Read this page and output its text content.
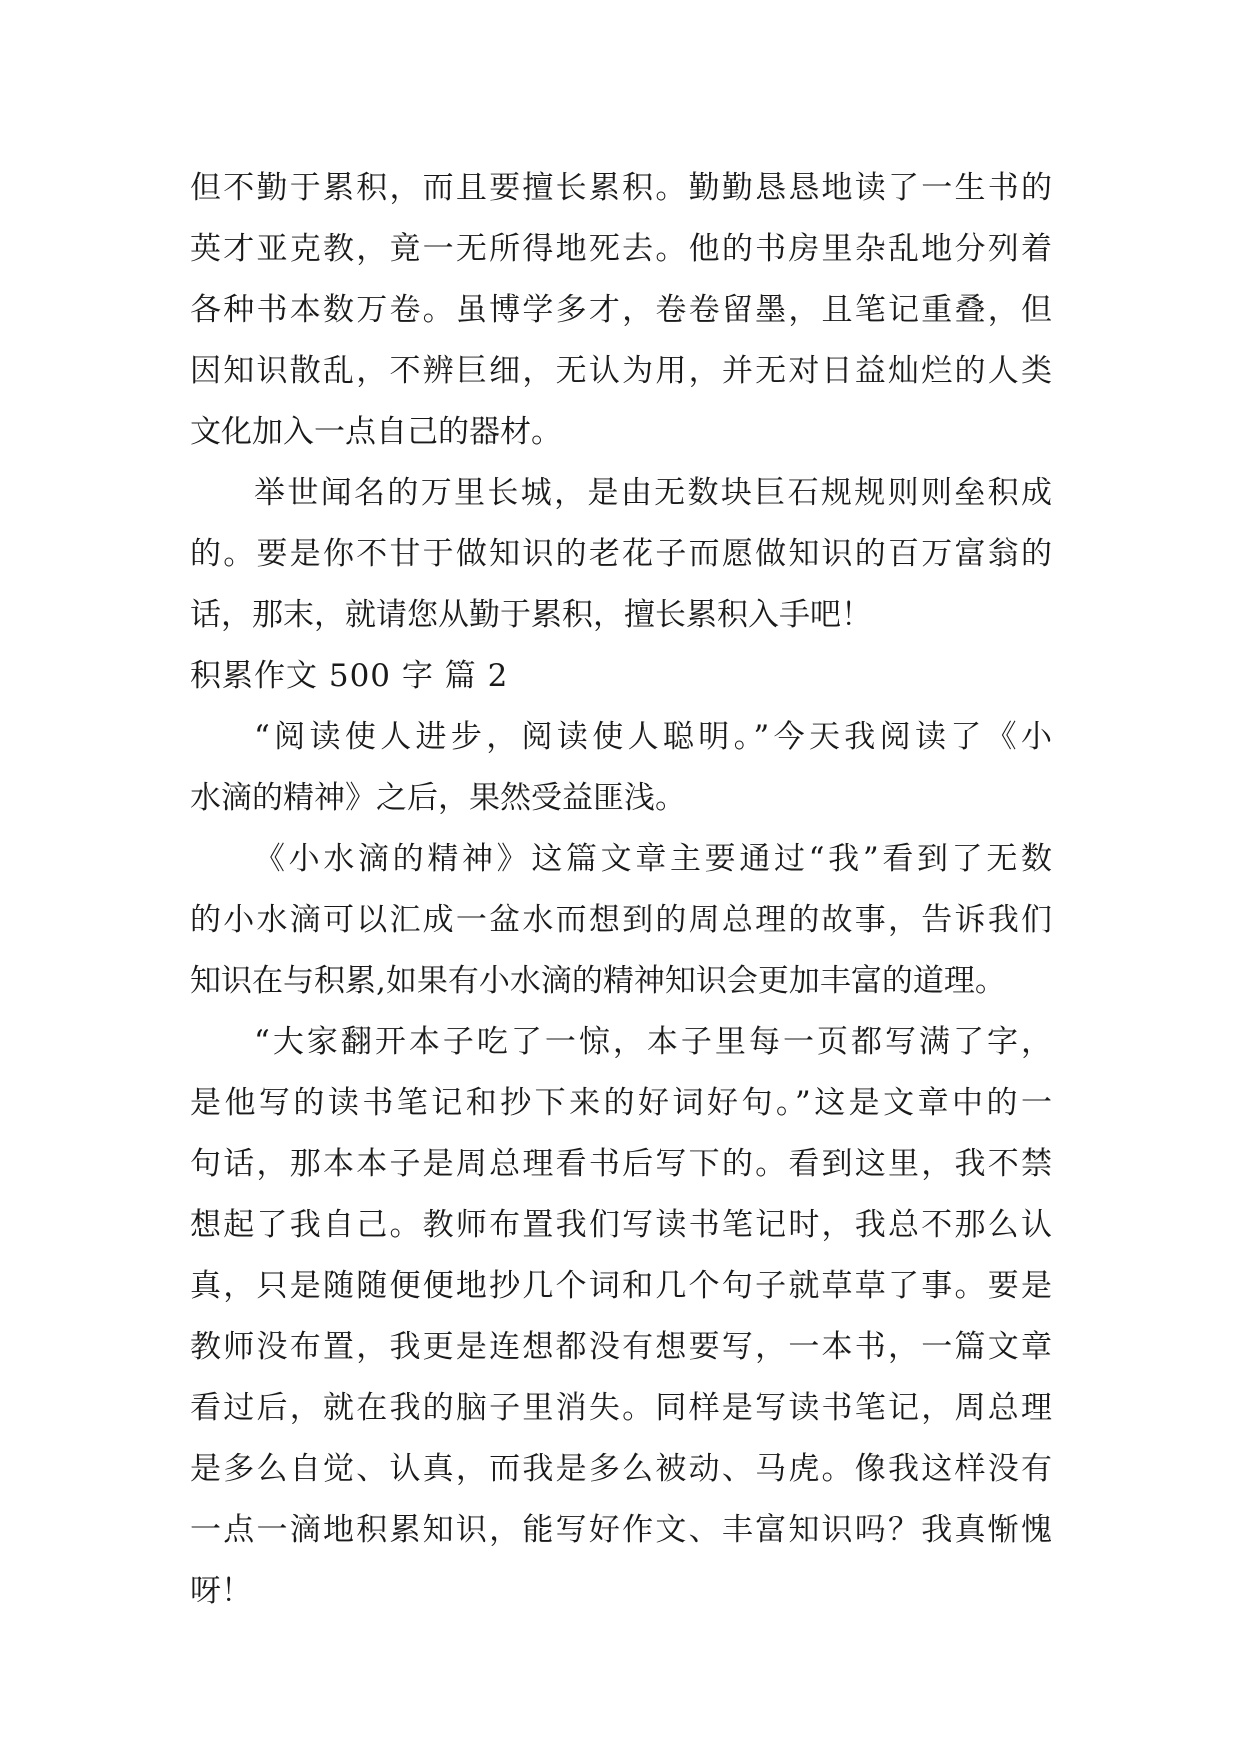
但不勤于累积，而且要擅长累积。勤勤恳恳地读了一生书的
英才亚克教，竟一无所得地死去。他的书房里杂乱地分列着
各种书本数万卷。虽博学多才，卷卷留墨，且笔记重叠，但
因知识散乱，不辨巨细，无认为用，并无对日益灿烂的人类
文化加入一点自己的器材。
举世闻名的万里长城，是由无数块巨石规规则则垒积成
的。要是你不甘于做知识的老花子而愿做知识的百万富翁的
话，那末，就请您从勤于累积，擅长累积入手吧！
积累作文 500 字 篇 2
“阅读使人进步，阅读使人聪明。”今天我阅读了《小
水滴的精神》之后，果然受益匪浅。
《小水滴的精神》这篇文章主要通过“我”看到了无数
的小水滴可以汇成一盆水而想到的周总理的故事，告诉我们
知识在与积累,如果有小水滴的精神知识会更加丰富的道理。
“大家翻开本子吃了一惊，本子里每一页都写满了字，
是他写的读书笔记和抄下来的好词好句。”这是文章中的一
句话，那本本子是周总理看书后写下的。看到这里，我不禁
想起了我自己。教师布置我们写读书笔记时，我总不那么认
真，只是随随便便地抄几个词和几个句子就草草了事。要是
教师没布置，我更是连想都没有想要写，一本书，一篇文章
看过后，就在我的脑子里消失。同样是写读书笔记，周总理
是多么自觉、认真，而我是多么被动、马虎。像我这样没有
一点一滴地积累知识，能写好作文、丰富知识吗？我真惭愧
呀！
